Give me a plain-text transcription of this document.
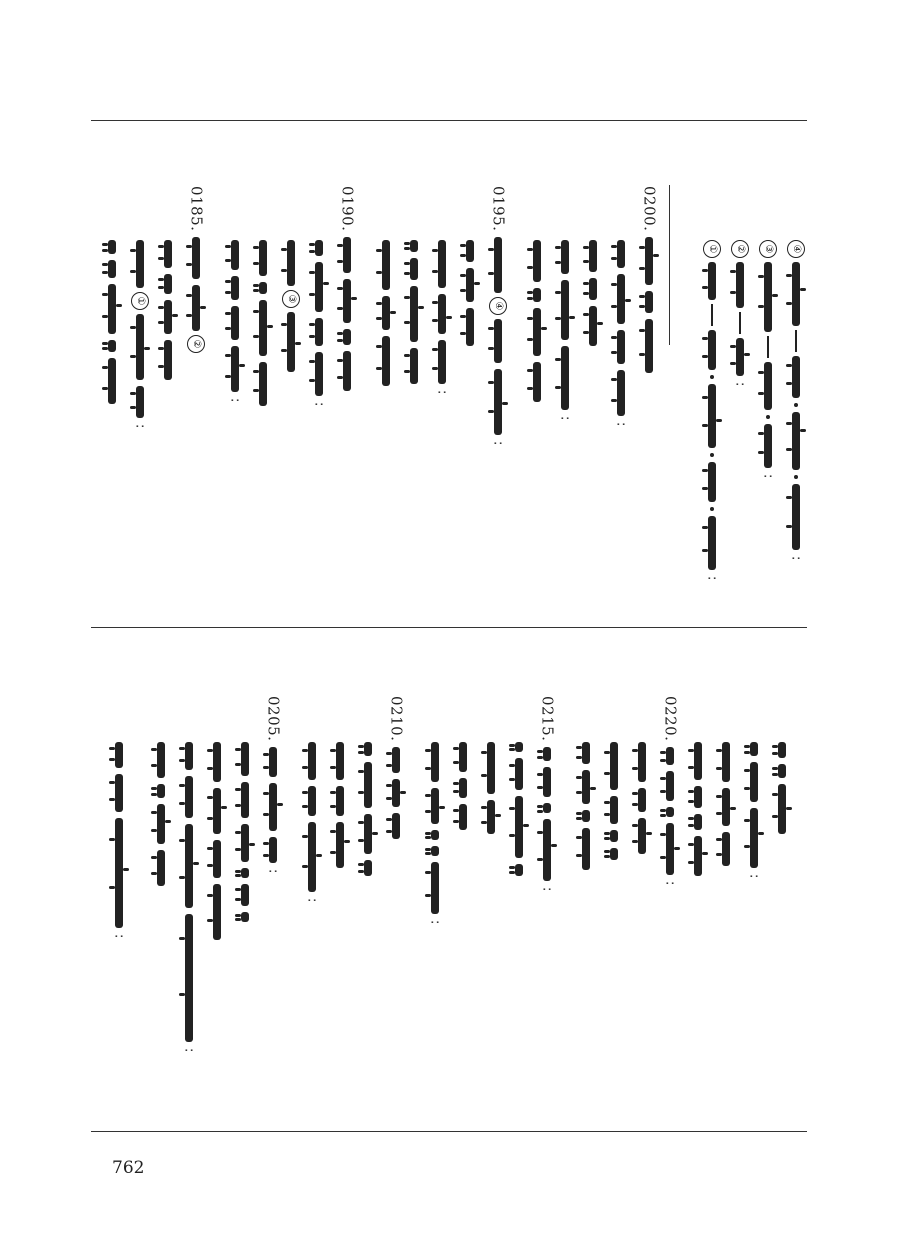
④
:
③
:
②
:
①
:
0200.
:
:
0195.
④
:
:
0190.
:
③
:
0185.
②
①
:
:
0220.
:
0215.
:
:
0210.
:
0205.
:
:
:
762
